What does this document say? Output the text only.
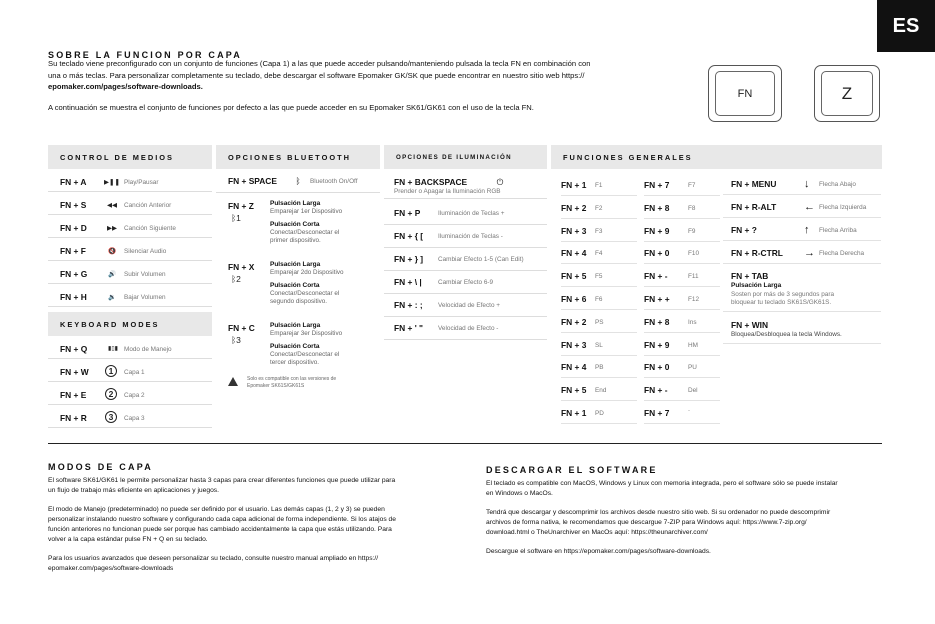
ES
SOBRE LA FUNCION POR CAPA
Su teclado viene preconfigurado con un conjunto de funciones (Capa 1) a las que puede acceder pulsando/manteniendo pulsada la tecla FN en combinación con
una o más teclas. Para personalizar completamente su teclado, debe descargar el software Epomaker GK/SK que puede encontrar en nuestro sitio web https://
epomaker.com/pages/software-downloads.
A continuación se muestra el conjunto de funciones por defecto a las que puede acceder en su Epomaker SK61/GK61 con el uso de la tecla FN.
FN	Z
CONTROL DE MEDIOS
FN + A	▶❚❚ Play/Pausar
FN + S	◀◀	Canción Anterior
FN + D	▶▶	Canción Siguiente
FN + F	🔇	Silenciar Audio
FN + G	🔊	Subir Volumen
FN + H	🔉	Bajar Volumen
KEYBOARD MODES
FN + Q	▮▯▮ Modo de Manejo
FN + W	1	Capa 1
FN + E	2	Capa 2
FN + R	3	Capa 3
OPCIONES BLUETOOTH
FN + SPACE	ᛒ	Bluetooth On/Off
FN + Z
ᛒ1
Pulsación Larga
Emparejar 1er Dispositivo
Pulsación Corta
Conectar/Desconectar el
primer dispositivo.
FN + X
ᛒ2
Pulsación Larga
Emparejar 2do Dispositivo
Pulsación Corta
Conectar/Desconectar el
segundo dispositivo.
FN + C
ᛒ3
Pulsación Larga
Emparejar 3er Dispositivo
Pulsación Corta
Conectar/Desconectar el
tercer dispositivo.
Solo es compatible con las versiones de
Epomaker SK61S/GK61S
OPCIONES DE ILUMINACIÓN
FN + BACKSPACE	⏻
Prender o Apagar la Iluminación RGB
FN + P	Iluminación de Teclas +
FN + { [ Iluminación de Teclas -
FN + } ] Cambiar Efecto 1-5 (Can Edit)
FN + \ |	Cambiar Efecto 6-9
FN + : ; Velocidad de Efecto +
FN + ' " Velocidad de Efecto -
FUNCIONES GENERALES
FN + 1 F1
FN + 2 F2
FN + 3 F3
FN + 4 F4
FN + 5 F5
FN + 6 F6
FN + 2 PS
FN + 3 SL
FN + 4 PB
FN + 5 End
FN + 1 PD
FN + 7	F7
FN + 8	F8
FN + 9	F9
FN + 0	F10
FN + -	F11
FN + +	F12
FN + 8	Ins
FN + 9	HM
FN + 0	PU
FN + -	Del
FN + 7	`
FN + MENU	↓ Flecha Abajo
FN + R-ALT	← Flecha Izquierda
FN + ?	↑ Flecha Arriba
FN + R-CTRL → Flecha Derecha
FN + TAB
Pulsación Larga
Sosten por más de 3 segundos para
bloquear tu teclado SK61S/GK61S.
FN + WIN
Bloquea/Desbloquea la tecla Windows.
MODOS DE CAPA
El software SK61/GK61 le permite personalizar hasta 3 capas para crear diferentes funciones que puede utilizar para
un flujo de trabajo más eficiente en aplicaciones y juegos.
El modo de Manejo (predeterminado) no puede ser definido por el usuario. Las demás capas (1, 2 y 3) se pueden
personalizar instalando nuestro software y configurando cada capa adicional de forma independiente. Si los atajos de
función anteriores no funcionan puede ser porque has cambiado accidentalmente la capa que estás utilizando. Para
volver a la capa estándar pulse FN + Q en su teclado.
Para los usuarios avanzados que deseen personalizar su teclado, consulte nuestro manual ampliado en https://
epomaker.com/pages/software-downloads
DESCARGAR EL SOFTWARE
El teclado es compatible con MacOS, Windows y Linux con memoria integrada, pero el software sólo se puede instalar
en Windows o MacOs.
Tendrá que descargar y descomprimir los archivos desde nuestro sitio web. Si su ordenador no puede descomprimir
archivos de forma nativa, le recomendamos que descargue 7-ZIP para Windows aquí: https://www.7-zip.org/
download.html o TheUnarchiver en MacOs aquí: https://theunarchiver.com/
Descargue el software en https://epomaker.com/pages/software-downloads.
